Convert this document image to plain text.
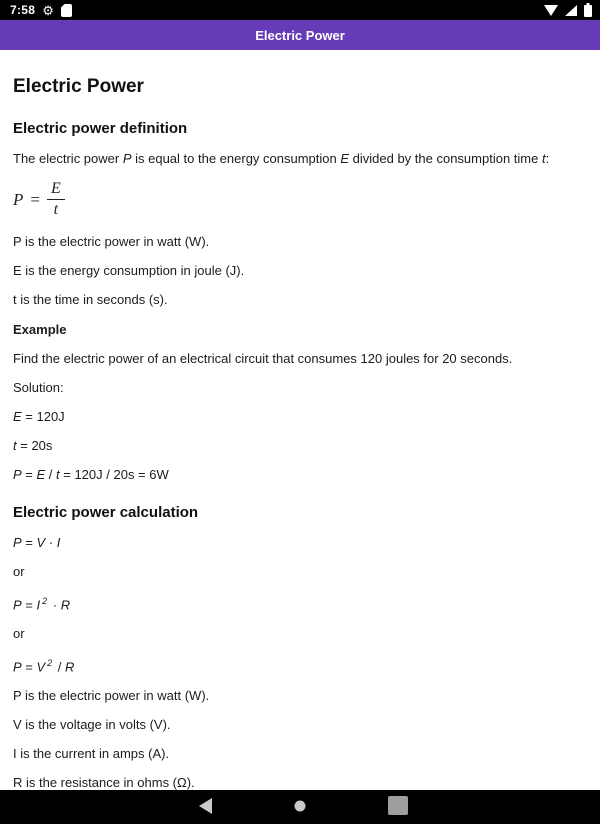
7:58 ⚙
Electric Power
Electric Power
Electric power definition

The electric power P is equal to the energy consumption E divided by the consumption time t:

$P = \frac{E}{t}$

P is the electric power in watt (W).

E is the energy consumption in joule (J).

t is the time in seconds (s).

Example

Find the electric power of an electrical circuit that consumes 120 joules for 20 seconds.

Solution:

E = 120J

t = 20s

P = E / t = 120J / 20s = 6W

Electric power calculation

P = V · I

or

P = I $^2$ · R

or

P = V $^2$ / R

P is the electric power in watt (W).

V is the voltage in volts (V).

I is the current in amps (A).

R is the resistance in ohms (Ω).
